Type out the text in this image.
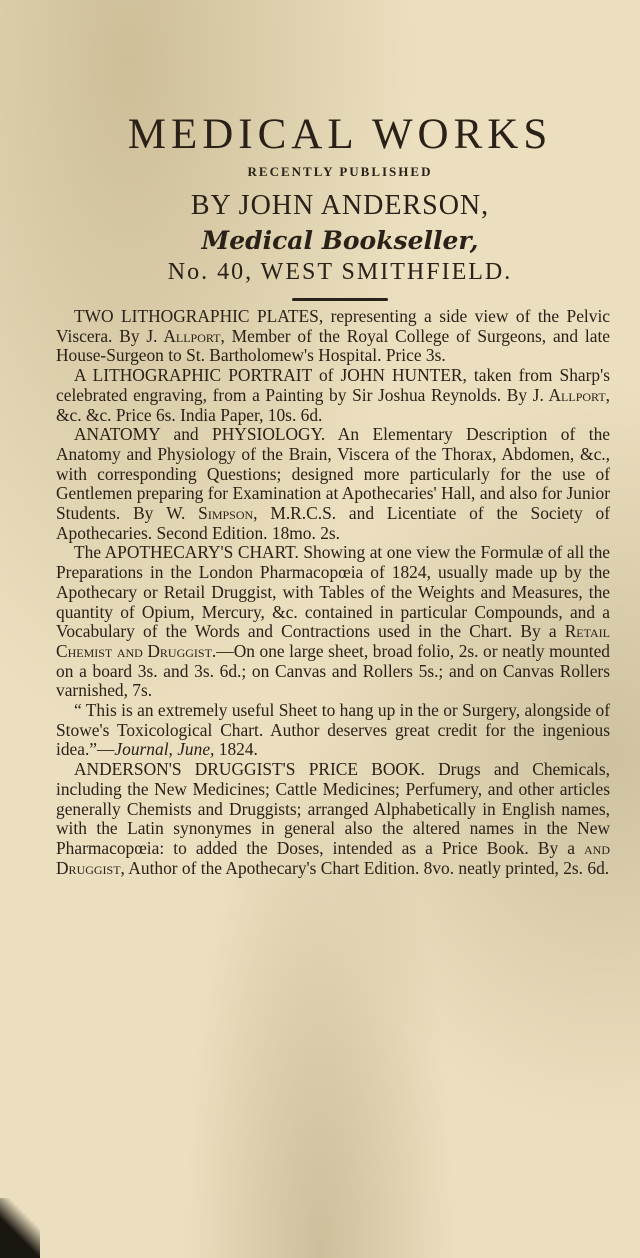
MEDICAL WORKS
RECENTLY PUBLISHED
BY JOHN ANDERSON,
Medical Bookseller,
No. 40, WEST SMITHFIELD.

TWO LITHOGRAPHIC PLATES, representing a side view of the Pelvic Viscera. By J. Allport, Member of the Royal College of Surgeons, and late House-Surgeon to St. Bartholomew's Hospital. Price 3s.

A LITHOGRAPHIC PORTRAIT of JOHN HUNTER, taken from Sharp's celebrated engraving, from a Painting by Sir Joshua Reynolds. By J. Allport, &c. &c. Price 6s. India Paper, 10s. 6d.

ANATOMY and PHYSIOLOGY. An Elementary Description of the Anatomy and Physiology of the Brain, Viscera of the Thorax, Abdomen, &c., with corresponding Questions; designed more particularly for the use of Gentlemen preparing for Examination at Apothecaries' Hall, and also for Junior Students. By W. Simpson, M.R.C.S. and Licentiate of the Society of Apothecaries. Second Edition. 18mo. 2s.

The APOTHECARY'S CHART. Showing at one view the Formulæ of all the Preparations in the London Pharmacopœia of 1824, usually made up by the Apothecary or Retail Druggist, with Tables of the Weights and Measures, the quantity of Opium, Mercury, &c. contained in particular Compounds, and a Vocabulary of the Words and Contractions used in the Chart. By a Retail Chemist and Druggist.—On one large sheet, broad folio, 2s. or neatly mounted on a board 3s. and 3s. 6d.; on Canvas and Rollers 5s.; and on Canvas Rollers varnished, 7s.

“ This is an extremely useful Sheet to hang up in the or Surgery, alongside of Stowe's Toxicological Chart. Author deserves great credit for the ingenious idea.”—Journal, June, 1824.

ANDERSON'S DRUGGIST'S PRICE BOOK. Drugs and Chemicals, including the New Medicines; Cattle Medicines; Perfumery, and other articles generally Chemists and Druggists; arranged Alphabetically in English names, with the Latin synonymes in general also the altered names in the New Pharmacopœia: to added the Doses, intended as a Price Book. By a and Druggist, Author of the Apothecary's Chart Edition. 8vo. neatly printed, 2s. 6d.
